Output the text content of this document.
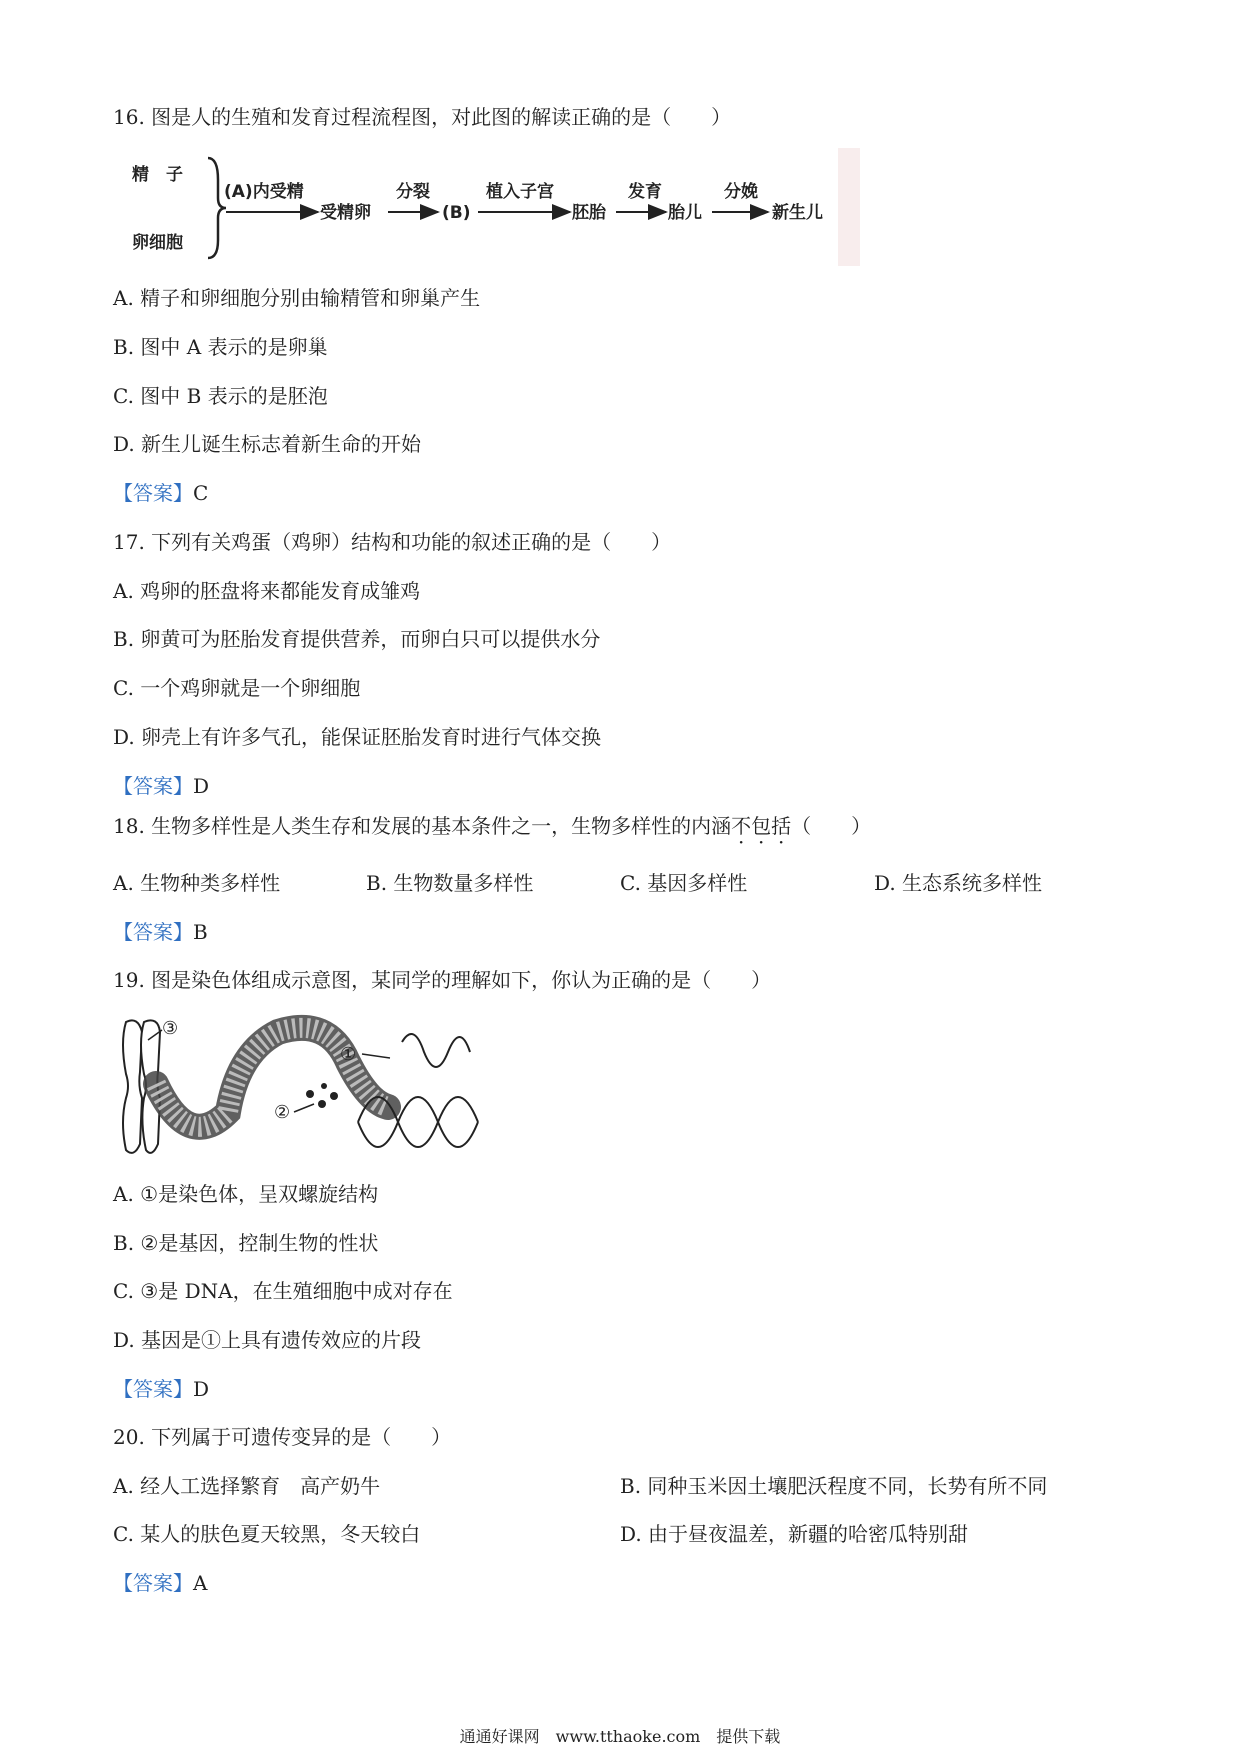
16. 图是人的生殖和发育过程流程图，对此图的解读正确的是（　　）
精　子
卵细胞
(A)内受精
受精卵
分裂
(B)
植入子宫
胚胎
发育
胎儿
分娩
新生儿
A. 精子和卵细胞分别由输精管和卵巢产生
B. 图中 A 表示的是卵巢
C. 图中 B 表示的是胚泡
D. 新生儿诞生标志着新生命的开始
【答案】C
17. 下列有关鸡蛋（鸡卵）结构和功能的叙述正确的是（　　）
A. 鸡卵的胚盘将来都能发育成雏鸡
B. 卵黄可为胚胎发育提供营养，而卵白只可以提供水分
C. 一个鸡卵就是一个卵细胞
D. 卵壳上有许多气孔，能保证胚胎发育时进行气体交换
【答案】D
18. 生物多样性是人类生存和发展的基本条件之一，生物多样性的内涵不包括（　　）
A. 生物种类多样性	B. 生物数量多样性	C. 基因多样性	D. 生态系统多样性
【答案】B
19. 图是染色体组成示意图，某同学的理解如下，你认为正确的是（　　）
③
①
②
A. ①是染色体，呈双螺旋结构
B. ②是基因，控制生物的性状
C. ③是 DNA，在生殖细胞中成对存在
D. 基因是①上具有遗传效应的片段
【答案】D
20. 下列属于可遗传变异的是（　　）
A. 经人工选择繁育　高产奶牛	B. 同种玉米因土壤肥沃程度不同，长势有所不同
C. 某人的肤色夏天较黑，冬天较白	D. 由于昼夜温差，新疆的哈密瓜特别甜
【答案】A
通通好课网　www.tthaoke.com　提供下载
